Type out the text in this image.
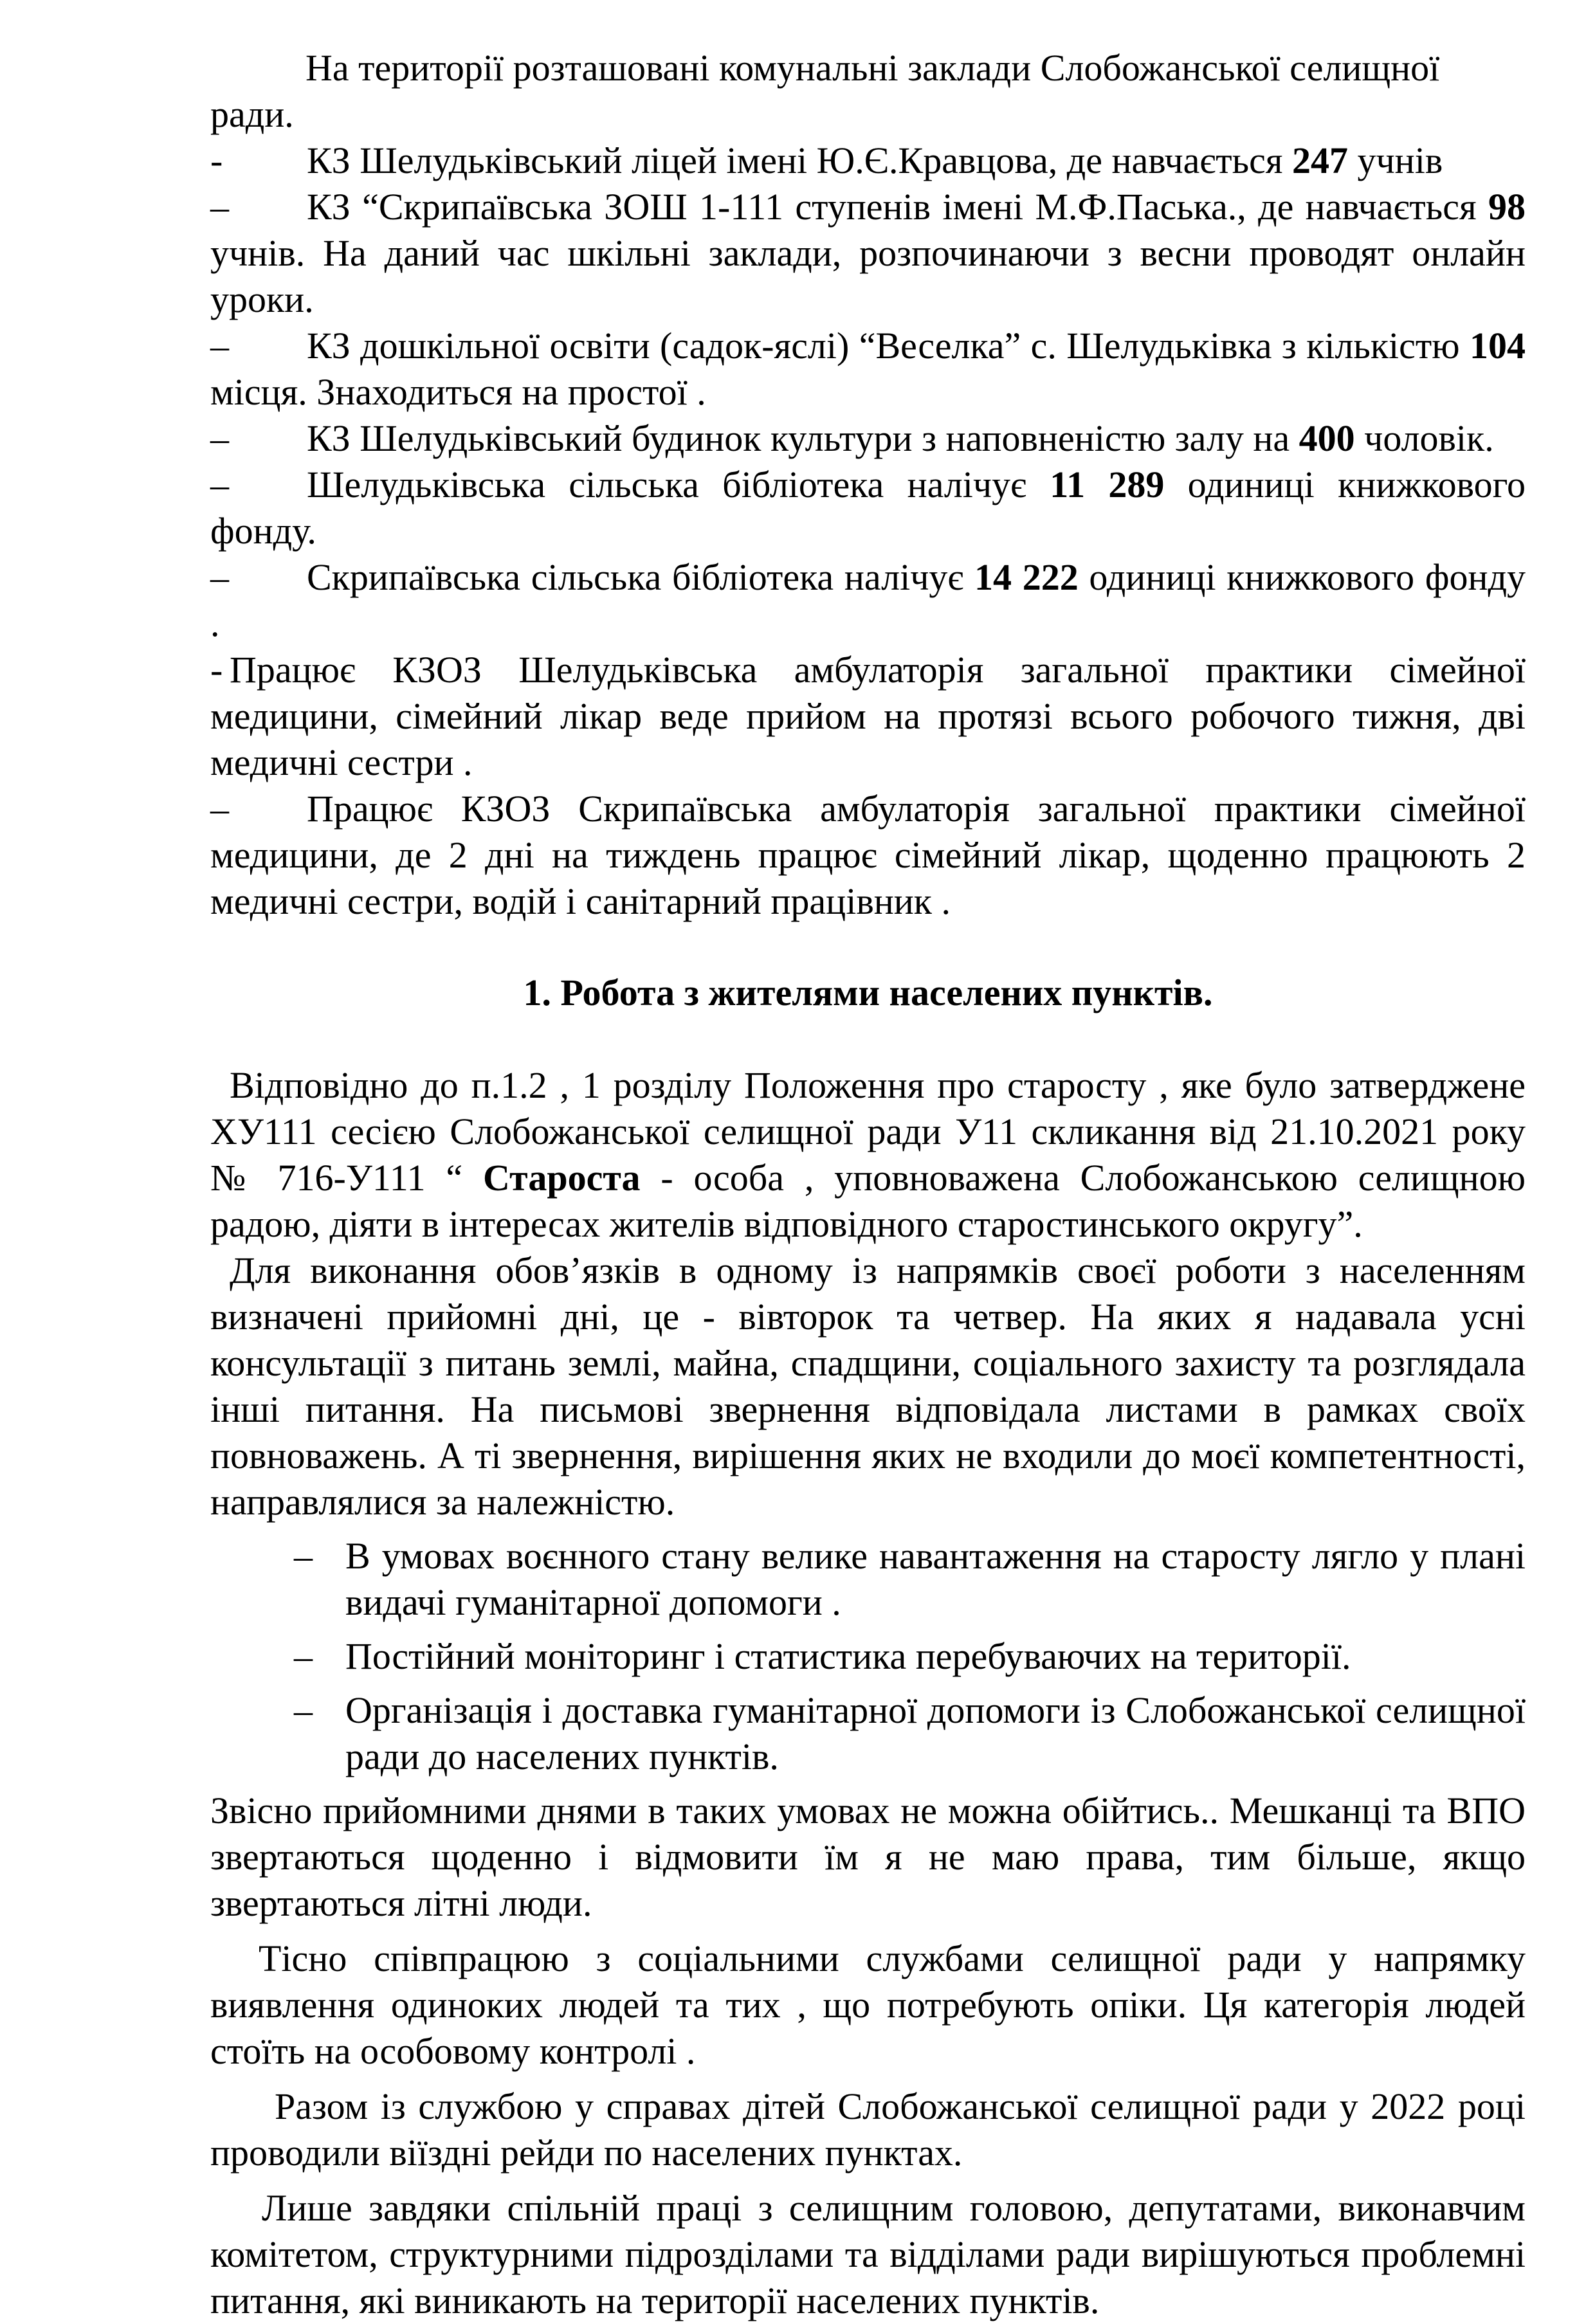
На території розташовані комунальні заклади Слобожанської селищної ради.

- КЗ Шелудьківський ліцей імені Ю.Є.Кравцова, де навчається 247 учнів

– КЗ “Скрипаївська ЗОШ 1-111 ступенів імені М.Ф.Паська., де навчається 98 учнів. На даний час шкільні заклади, розпочинаючи з весни проводят онлайн уроки.

– КЗ дошкільної освіти (садок-яслі) “Веселка” с. Шелудьківка з кількістю 104 місця. Знаходиться на простої .

– КЗ Шелудьківський будинок культури з наповненістю залу на 400 чоловік.

– Шелудьківська сільська бібліотека налічує 11 289 одиниці книжкового фонду.

– Скрипаївська сільська бібліотека налічує 14 222 одиниці книжкового фонду .

- Працює КЗОЗ Шелудьківська амбулаторія загальної практики сімейної медицини, сімейний лікар веде прийом на протязі всього робочого тижня, дві медичні сестри .

– Працює КЗОЗ Скрипаївська амбулаторія загальної практики сімейної медицини, де 2 дні на тиждень працює сімейний лікар, щоденно працюють 2 медичні сестри, водій і санітарний працівник .

1. Робота з жителями населених пунктів.

Відповідно до п.1.2 , 1 розділу Положення про старосту , яке було затверджене ХУ111 сесією Слобожанської селищної ради У11 скликання від 21.10.2021 року № 716-У111 “ Староста - особа , уповноважена Слобожанською селищною радою, діяти в інтересах жителів відповідного старостинського округу”.

Для виконання обов’язків в одному із напрямків своєї роботи з населенням визначені прийомні дні, це - вівторок та четвер. На яких я надавала усні консультації з питань землі, майна, спадщини, соціального захисту та розглядала інші питання. На письмові звернення відповідала листами в рамках своїх повноважень. А ті звернення, вирішення яких не входили до моєї компетентності, направлялися за належністю.

– В умовах воєнного стану велике навантаження на старосту лягло у плані видачі гуманітарної допомоги .
– Постійний моніторинг і статистика перебуваючих на території.
– Організація і доставка гуманітарної допомоги із Слобожанської селищної ради до населених пунктів.

Звісно прийомними днями в таких умовах не можна обійтись.. Мешканці та ВПО звертаються щоденно і відмовити їм я не маю права, тим більше, якщо звертаються літні люди.

Тісно співпрацюю з соціальними службами селищної ради у напрямку виявлення одиноких людей та тих , що потребують опіки. Ця категорія людей стоїть на особовому контролі .

Разом із службою у справах дітей Слобожанської селищної ради у 2022 році проводили віїздні рейди по населених пунктах.

Лише завдяки спільній праці з селищним головою, депутатами, виконавчим комітетом, структурними підрозділами та відділами ради вирішуються проблемні питання, які виникають на території населених пунктів.
